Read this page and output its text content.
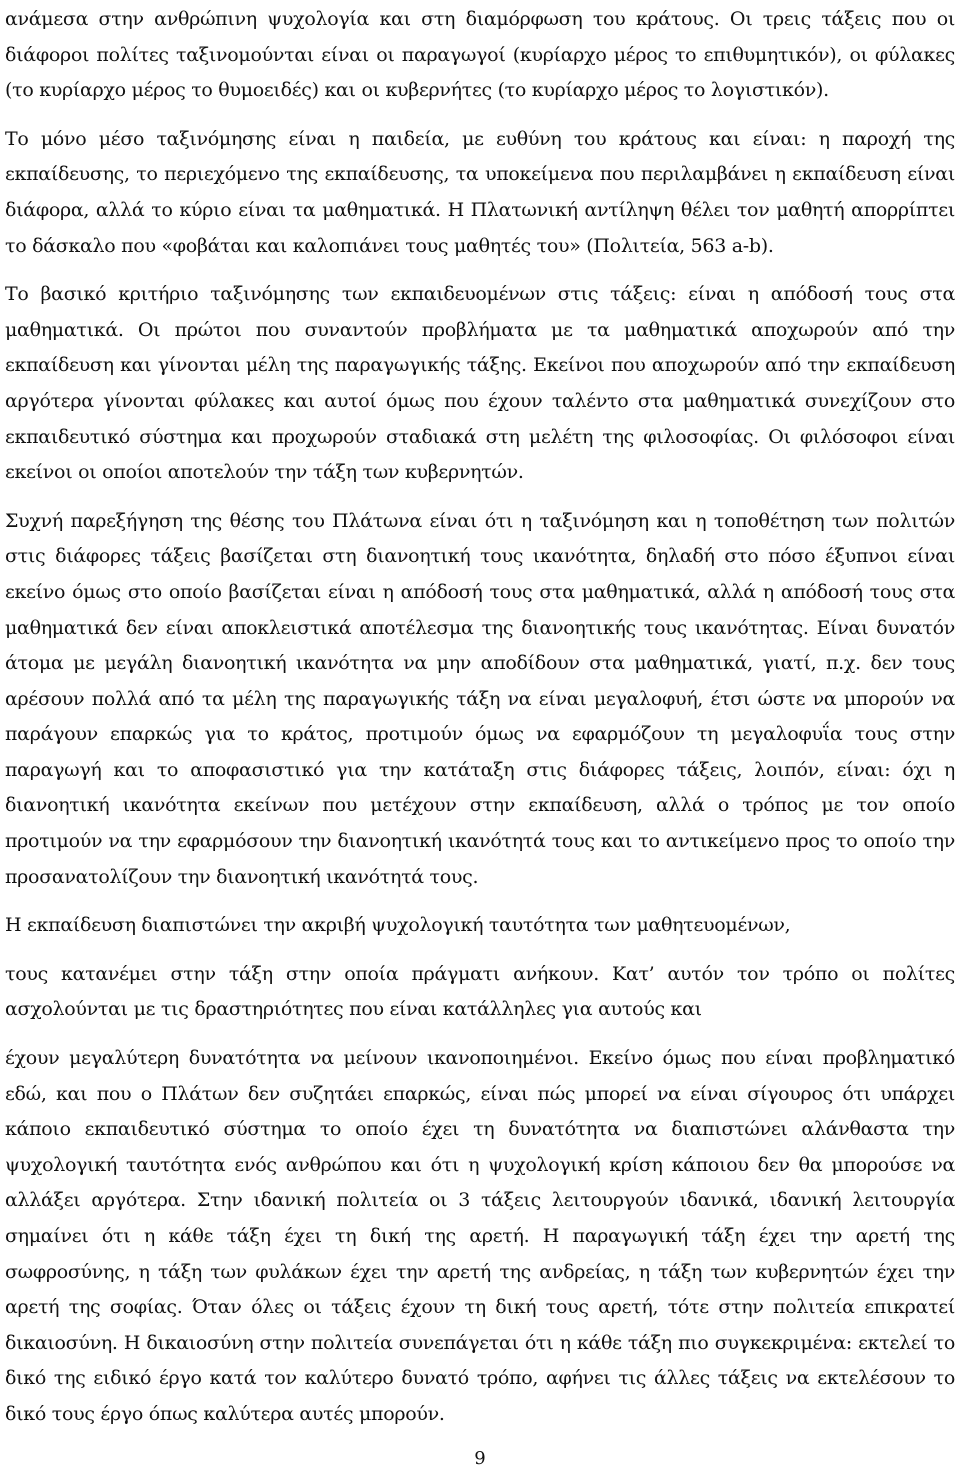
ανάμεσα στην ανθρώπινη ψυχολογία και στη διαμόρφωση του κράτους. Οι τρεις τάξεις που οι διάφοροι πολίτες ταξινομούνται είναι οι παραγωγοί (κυρίαρχο μέρος το επιθυμητικόν), οι φύλακες (το κυρίαρχο μέρος το θυμοειδές) και οι κυβερνήτες (το κυρίαρχο μέρος το λογιστικόν).

Το μόνο μέσο ταξινόμησης είναι η παιδεία, με ευθύνη του κράτους και είναι: η παροχή της εκπαίδευσης, το περιεχόμενο της εκπαίδευσης, τα υποκείμενα που περιλαμβάνει η εκπαίδευση είναι διάφορα, αλλά το κύριο είναι τα μαθηματικά. Η Πλατωνική αντίληψη θέλει τον μαθητή απορρίπτει το δάσκαλο που «φοβάται και καλοπιάνει τους μαθητές του» (Πολιτεία, 563 a-b).

Το βασικό κριτήριο ταξινόμησης των εκπαιδευομένων στις τάξεις: είναι η απόδοσή τους στα μαθηματικά. Οι πρώτοι που συναντούν προβλήματα με τα μαθηματικά αποχωρούν από την εκπαίδευση και γίνονται μέλη της παραγωγικής τάξης. Εκείνοι που αποχωρούν από την εκπαίδευση αργότερα γίνονται φύλακες και αυτοί όμως που έχουν ταλέντο στα μαθηματικά συνεχίζουν στο εκπαιδευτικό σύστημα και προχωρούν σταδιακά στη μελέτη της φιλοσοφίας. Οι φιλόσοφοι είναι εκείνοι οι οποίοι αποτελούν την τάξη των κυβερνητών.

Συχνή παρεξήγηση της θέσης του Πλάτωνα είναι ότι η ταξινόμηση και η τοποθέτηση των πολιτών στις διάφορες τάξεις βασίζεται στη διανοητική τους ικανότητα, δηλαδή στο πόσο έξυπνοι είναι εκείνο όμως στο οποίο βασίζεται είναι η απόδοσή τους στα μαθηματικά, αλλά η απόδοσή τους στα μαθηματικά δεν είναι αποκλειστικά αποτέλεσμα της διανοητικής τους ικανότητας. Είναι δυνατόν άτομα με μεγάλη διανοητική ικανότητα να μην αποδίδουν στα μαθηματικά, γιατί, π.χ. δεν τους αρέσουν πολλά από τα μέλη της παραγωγικής τάξη να είναι μεγαλοφυή, έτσι ώστε να μπορούν να παράγουν επαρκώς για το κράτος, προτιμούν όμως να εφαρμόζουν τη μεγαλοφυΐα τους στην παραγωγή και το αποφασιστικό για την κατάταξη στις διάφορες τάξεις, λοιπόν, είναι: όχι η διανοητική ικανότητα εκείνων που μετέχουν στην εκπαίδευση, αλλά ο τρόπος με τον οποίο προτιμούν να την εφαρμόσουν την διανοητική ικανότητά τους και το αντικείμενο προς το οποίο την προσανατολίζουν την διανοητική ικανότητά τους.

Η εκπαίδευση διαπιστώνει την ακριβή ψυχολογική ταυτότητα των μαθητευομένων,

τους κατανέμει στην τάξη στην οποία πράγματι ανήκουν. Κατ’ αυτόν τον τρόπο οι πολίτες ασχολούνται με τις δραστηριότητες που είναι κατάλληλες για αυτούς και

έχουν μεγαλύτερη δυνατότητα να μείνουν ικανοποιημένοι. Εκείνο όμως που είναι προβληματικό εδώ, και που ο Πλάτων δεν συζητάει επαρκώς, είναι πώς μπορεί να είναι σίγουρος ότι υπάρχει κάποιο εκπαιδευτικό σύστημα το οποίο έχει τη δυνατότητα να διαπιστώνει αλάνθαστα την ψυχολογική ταυτότητα ενός ανθρώπου και ότι η ψυχολογική κρίση κάποιου δεν θα μπορούσε να αλλάξει αργότερα. Στην ιδανική πολιτεία οι 3 τάξεις λειτουργούν ιδανικά, ιδανική λειτουργία σημαίνει ότι η κάθε τάξη έχει τη δική της αρετή. Η παραγωγική τάξη έχει την αρετή της σωφροσύνης, η τάξη των φυλάκων έχει την αρετή της ανδρείας, η τάξη των κυβερνητών έχει την αρετή της σοφίας. Όταν όλες οι τάξεις έχουν τη δική τους αρετή, τότε στην πολιτεία επικρατεί δικαιοσύνη. Η δικαιοσύνη στην πολιτεία συνεπάγεται ότι η κάθε τάξη πιο συγκεκριμένα: εκτελεί το δικό της ειδικό έργο κατά τον καλύτερο δυνατό τρόπο, αφήνει τις άλλες τάξεις να εκτελέσουν το δικό τους έργο όπως καλύτερα αυτές μπορούν.

9
